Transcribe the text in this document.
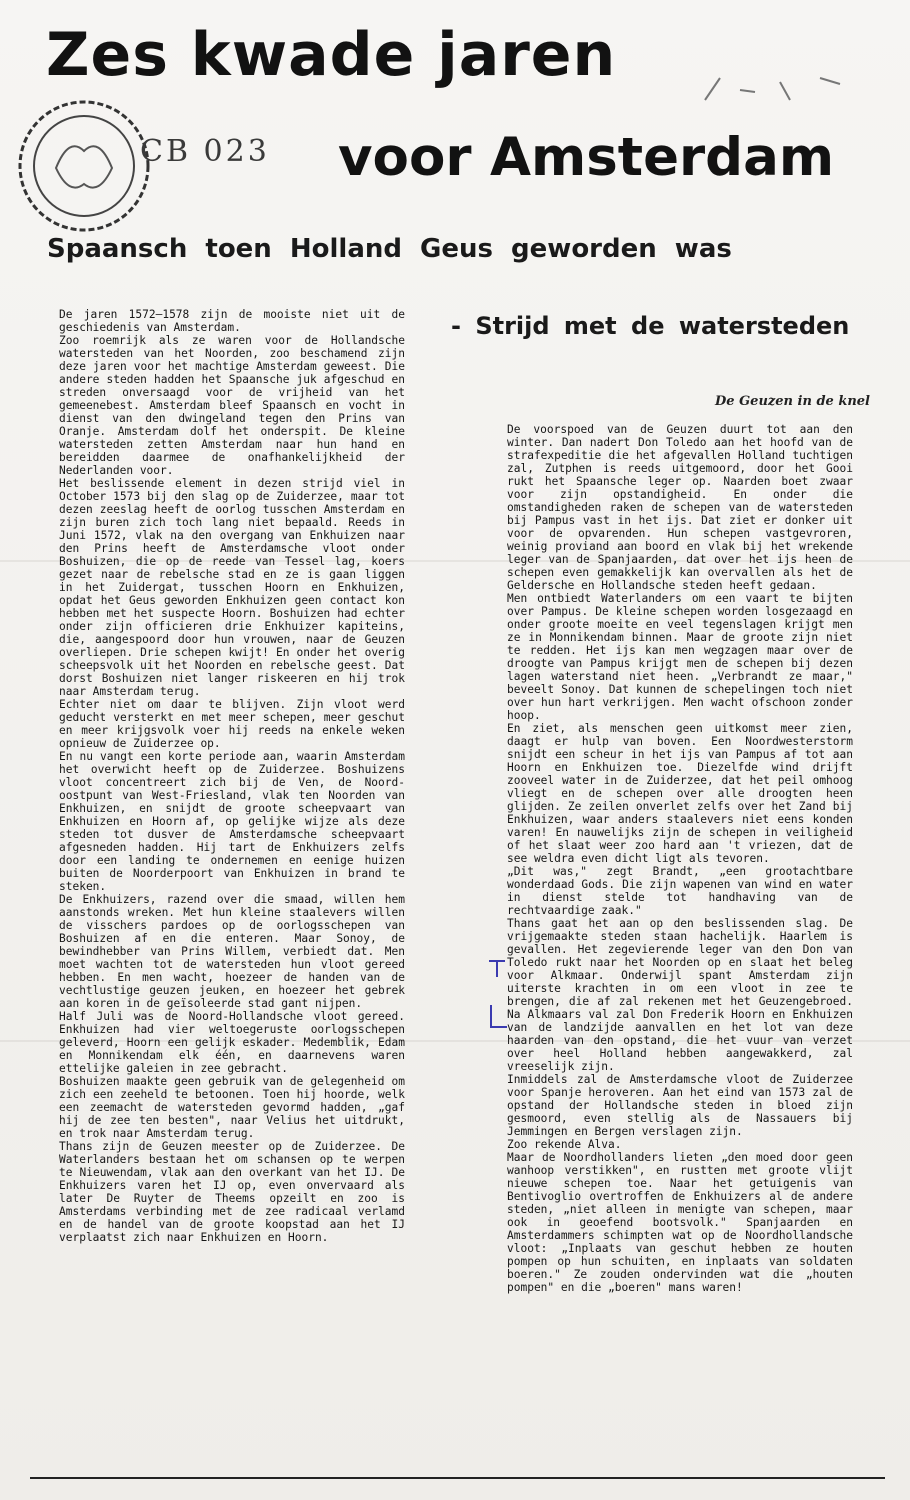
Zes kwade jaren
CB 023 voor Amsterdam
Spaansch toen Holland Geus geworden was
- Strijd met de watersteden
De Geuzen in de knel

De jaren 1572—1578 zijn de mooiste niet uit de geschiedenis van Amsterdam.

Zoo roemrijk als ze waren voor de Hollandsche watersteden van het Noorden, zoo beschamend zijn deze jaren voor het machtige Amsterdam geweest. Die andere steden hadden het Spaansche juk afgeschud en streden onversaagd voor de vrijheid van het gemeenebest. Amsterdam bleef Spaansch en vocht in dienst van den dwingeland tegen den Prins van Oranje. Amsterdam dolf het onderspit. De kleine watersteden zetten Amsterdam naar hun hand en bereidden daarmee de onafhankelijkheid der Nederlanden voor.

Het beslissende element in dezen strijd viel in October 1573 bij den slag op de Zuiderzee, maar tot dezen zeeslag heeft de oorlog tusschen Amsterdam en zijn buren zich toch lang niet bepaald. Reeds in Juni 1572, vlak na den overgang van Enkhuizen naar den Prins heeft de Amsterdamsche vloot onder Boshuizen, die op de reede van Tessel lag, koers gezet naar de rebelsche stad en ze is gaan liggen in het Zuidergat, tusschen Hoorn en Enkhuizen, opdat het Geus geworden Enkhuizen geen contact kon hebben met het suspecte Hoorn. Boshuizen had echter onder zijn officieren drie Enkhuizer kapiteins, die, aangespoord door hun vrouwen, naar de Geuzen overliepen. Drie schepen kwijt! En onder het overig scheepsvolk uit het Noorden en rebelsche geest. Dat dorst Boshuizen niet langer riskeeren en hij trok naar Amsterdam terug.

Echter niet om daar te blijven. Zijn vloot werd geducht versterkt en met meer schepen, meer geschut en meer krijgsvolk voer hij reeds na enkele weken opnieuw de Zuiderzee op.

En nu vangt een korte periode aan, waarin Amsterdam het overwicht heeft op de Zuiderzee. Boshuizens vloot concentreert zich bij de Ven, de Noord-oostpunt van West-Friesland, vlak ten Noorden van Enkhuizen, en snijdt de groote scheepvaart van Enkhuizen en Hoorn af, op gelijke wijze als deze steden tot dusver de Amsterdamsche scheepvaart afgesneden hadden. Hij tart de Enkhuizers zelfs door een landing te ondernemen en eenige huizen buiten de Noorderpoort van Enkhuizen in brand te steken.

De Enkhuizers, razend over die smaad, willen hem aanstonds wreken. Met hun kleine staalevers willen de visschers pardoes op de oorlogsschepen van Boshuizen af en die enteren. Maar Sonoy, de bewindhebber van Prins Willem, verbiedt dat. Men moet wachten tot de watersteden hun vloot gereed hebben. En men wacht, hoezeer de handen van de vechtlustige geuzen jeuken, en hoezeer het gebrek aan koren in de geïsoleerde stad gant nijpen.

Half Juli was de Noord-Hollandsche vloot gereed. Enkhuizen had vier weltoegeruste oorlogsschepen geleverd, Hoorn een gelijk eskader. Medemblik, Edam en Monnikendam elk één, en daarnevens waren ettelijke galeien in zee gebracht.

Boshuizen maakte geen gebruik van de gelegenheid om zich een zeeheld te betoonen. Toen hij hoorde, welk een zeemacht de watersteden gevormd hadden, „gaf hij de zee ten besten", naar Velius het uitdrukt, en trok naar Amsterdam terug.

Thans zijn de Geuzen meester op de Zuiderzee. De Waterlanders bestaan het om schansen op te werpen te Nieuwendam, vlak aan den overkant van het IJ. De Enkhuizers varen het IJ op, even onvervaard als later De Ruyter de Theems opzeilt en zoo is Amsterdams verbinding met de zee radicaal verlamd en de handel van de groote koopstad aan het IJ verplaatst zich naar Enkhuizen en Hoorn.

De voorspoed van de Geuzen duurt tot aan den winter. Dan nadert Don Toledo aan het hoofd van de strafexpeditie die het afgevallen Holland tuchtigen zal, Zutphen is reeds uitgemoord, door het Gooi rukt het Spaansche leger op. Naarden boet zwaar voor zijn opstandigheid. En onder die omstandigheden raken de schepen van de watersteden bij Pampus vast in het ijs. Dat ziet er donker uit voor de opvarenden. Hun schepen vastgevroren, weinig proviand aan boord en vlak bij het wrekende leger van de Spanjaarden, dat over het ijs heen de schepen even gemakkelijk kan overvallen als het de Geldersche en Hollandsche steden heeft gedaan.

Men ontbiedt Waterlanders om een vaart te bijten over Pampus. De kleine schepen worden losgezaagd en onder groote moeite en veel tegenslagen krijgt men ze in Monnikendam binnen. Maar de groote zijn niet te redden. Het ijs kan men wegzagen maar over de droogte van Pampus krijgt men de schepen bij dezen lagen waterstand niet heen. „Verbrandt ze maar," beveelt Sonoy. Dat kunnen de schepelingen toch niet over hun hart verkrijgen. Men wacht ofschoon zonder hoop.

En ziet, als menschen geen uitkomst meer zien, daagt er hulp van boven. Een Noordwesterstorm snijdt een scheur in het ijs van Pampus af tot aan Hoorn en Enkhuizen toe. Diezelfde wind drijft zooveel water in de Zuiderzee, dat het peil omhoog vliegt en de schepen over alle droogten heen glijden. Ze zeilen onverlet zelfs over het Zand bij Enkhuizen, waar anders staalevers niet eens konden varen! En nauwelijks zijn de schepen in veiligheid of het slaat weer zoo hard aan 't vriezen, dat de see weldra even dicht ligt als tevoren.

„Dit was," zegt Brandt, „een grootachtbare wonderdaad Gods. Die zijn wapenen van wind en water in dienst stelde tot handhaving van de rechtvaardige zaak."

Thans gaat het aan op den beslissenden slag. De vrijgemaakte steden staan hachelijk. Haarlem is gevallen. Het zegevierende leger van den Don van Toledo rukt naar het Noorden op en slaat het beleg voor Alkmaar. Onderwijl spant Amsterdam zijn uiterste krachten in om een vloot in zee te brengen, die af zal rekenen met het Geuzengebroed. Na Alkmaars val zal Don Frederik Hoorn en Enkhuizen van de landzijde aanvallen en het lot van deze haarden van den opstand, die het vuur van verzet over heel Holland hebben aangewakkerd, zal vreeselijk zijn.

Inmiddels zal de Amsterdamsche vloot de Zuiderzee voor Spanje heroveren. Aan het eind van 1573 zal de opstand der Hollandsche steden in bloed zijn gesmoord, even stellig als de Nassauers bij Jemmingen en Bergen verslagen zijn.

Zoo rekende Alva.

Maar de Noordhollanders lieten „den moed door geen wanhoop verstikken", en rustten met groote vlijt nieuwe schepen toe. Naar het getuigenis van Bentivoglio overtroffen de Enkhuizers al de andere steden, „niet alleen in menigte van schepen, maar ook in geoefend bootsvolk." Spanjaarden en Amsterdammers schimpten wat op de Noordhollandsche vloot: „Inplaats van geschut hebben ze houten pompen op hun schuiten, en inplaats van soldaten boeren." Ze zouden ondervinden wat die „houten pompen" en die „boeren" mans waren!
